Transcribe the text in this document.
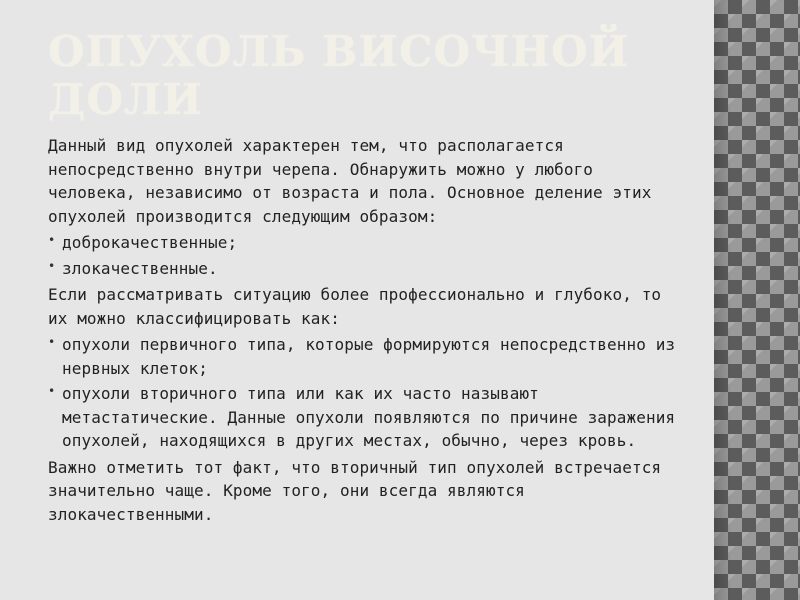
ОПУХОЛЬ ВИСОЧНОЙ ДОЛИ

Данный вид опухолей характерен тем, что располагается непосредственно внутри черепа. Обнаружить можно у любого человека, независимо от возраста и пола. Основное деление этих опухолей производится следующим образом:

• доброкачественные;
• злокачественные.

Если рассматривать ситуацию более профессионально и глубоко, то их можно классифицировать как:

• опухоли первичного типа, которые формируются непосредственно из нервных клеток;
• опухоли вторичного типа или как их часто называют метастатические. Данные опухоли появляются по причине заражения опухолей, находящихся в других местах, обычно, через кровь.

Важно отметить тот факт, что вторичный тип опухолей встречается значительно чаще. Кроме того, они всегда являются злокачественными.
